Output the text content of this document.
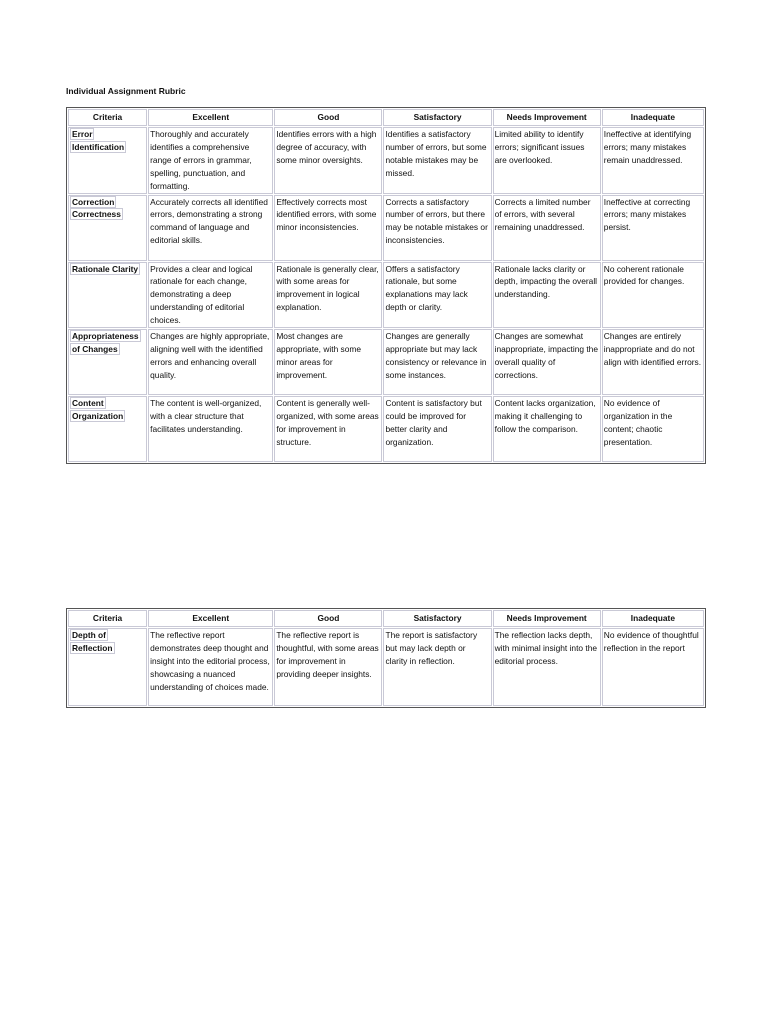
Individual Assignment Rubric
Criteria	Excellent	Good	Satisfactory	Needs Improvement	Inadequate
Error
Identification	Thoroughly and accurately identifies a comprehensive range of errors in grammar, spelling, punctuation, and formatting.	Identifies errors with a high degree of accuracy, with some minor oversights.	Identifies a satisfactory number of errors, but some notable mistakes may be missed.	Limited ability to identify errors; significant issues are overlooked.	Ineffective at identifying errors; many mistakes remain unaddressed.
Correction
Correctness	Accurately corrects all identified errors, demonstrating a strong command of language and editorial skills.	Effectively corrects most identified errors, with some minor inconsistencies.	Corrects a satisfactory number of errors, but there may be notable mistakes or inconsistencies.	Corrects a limited number of errors, with several remaining unaddressed.	Ineffective at correcting errors; many mistakes persist.
Rationale Clarity	Provides a clear and logical rationale for each change, demonstrating a deep understanding of editorial choices.	Rationale is generally clear, with some areas for improvement in logical explanation.	Offers a satisfactory rationale, but some explanations may lack depth or clarity.	Rationale lacks clarity or depth, impacting the overall understanding.	No coherent rationale provided for changes.
Appropriateness
of Changes	Changes are highly appropriate, aligning well with the identified errors and enhancing overall quality.	Most changes are appropriate, with some minor areas for improvement.	Changes are generally appropriate but may lack consistency or relevance in some instances.	Changes are somewhat inappropriate, impacting the overall quality of corrections.	Changes are entirely inappropriate and do not align with identified errors.
Content
Organization	The content is well-organized, with a clear structure that facilitates understanding.	Content is generally well-organized, with some areas for improvement in structure.	Content is satisfactory but could be improved for better clarity and organization.	Content lacks organization, making it challenging to follow the comparison.	No evidence of organization in the content; chaotic presentation.
Criteria	Excellent	Good	Satisfactory	Needs Improvement	Inadequate
Depth of
Reflection	The reflective report demonstrates deep thought and insight into the editorial process, showcasing a nuanced understanding of choices made.	The reflective report is thoughtful, with some areas for improvement in providing deeper insights.	The report is satisfactory but may lack depth or clarity in reflection.	The reflection lacks depth, with minimal insight into the editorial process.	No evidence of thoughtful reflection in the report
